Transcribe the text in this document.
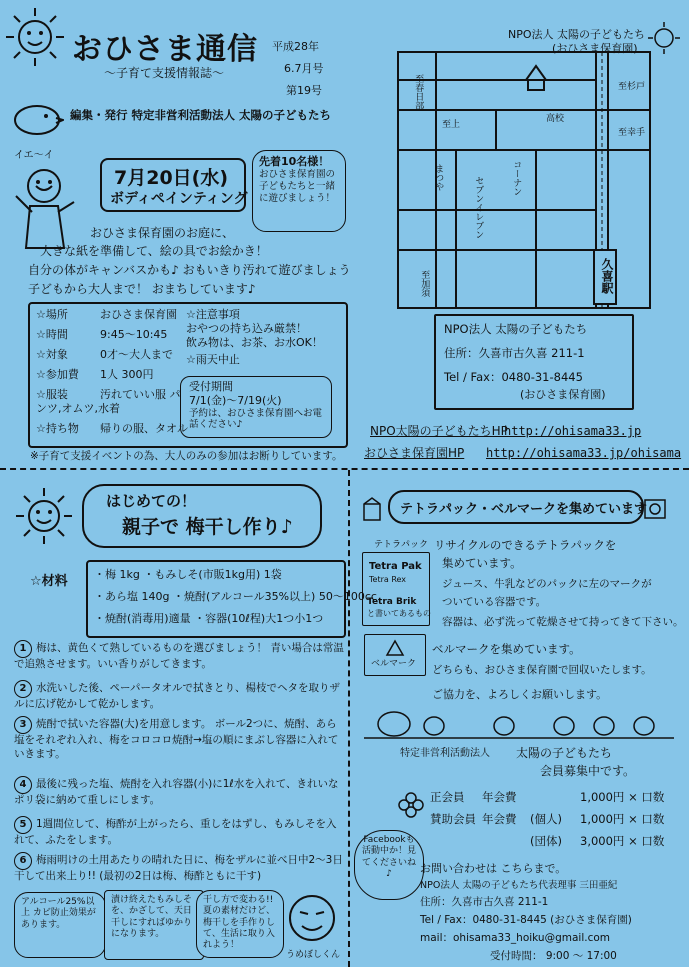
おひさま通信 平成28年
6.7月号
～子育て支援情報誌～
第19号
編集・発行 特定非営利活動法人 太陽の子どもたち
イエ～イ
7月20日(水)
ボディペインティング
先着10名様！
おひさま保育園の子どもたちと一緒に遊びましょう！
おひさま保育園のお庭に、
大きな紙を準備して、絵の具でお絵かき！
自分の体がキャンバスかも♪ おもいきり汚れて遊びましょう
子どもから大人まで！ おまちしています♪
☆場所	おひさま保育園
☆時間	9:45～10:45
☆対象	0才～大人まで
☆参加費 1人 300円
☆服装	汚れていい服 パンツ,オムツ,水着
☆持ち物 帰りの服、タオル
☆注意事項
おやつの持ち込み厳禁！
飲み物は、お茶、お水OK！
☆雨天中止
受付期間
7/1(金)～7/19(火)
予約は、おひさま保育園へお電話ください♪
※子育て支援イベントの為、大人のみの参加はお断りしています。
NPO法人 太陽の子どもたち
(おひさま保育園)
至幸手
至春日部	至杉戸
セブンイレブン
高校
至上
コーナン
至加須
まつや
久喜駅
NPO法人 太陽の子どもたち
住所：久喜市古久喜 211-1
Tel / Fax：0480-31-8445
(おひさま保育園)
NPO太陽の子どもたちHP
http://ohisama33.jp
おひさま保育園HP http://ohisama33.jp/ohisama
はじめての！
親子で 梅干し作り♪
☆材料 ・梅 1kg ・もみしそ(市販1kg用) 1袋
・あら塩 140g ・焼酎(アルコール35%以上) 50～100cc
・焼酎(消毒用)適量 ・容器(10ℓ程)大1つ小1つ
1 梅は、黄色くて熟しているものを選びましょう！ 青い場合は常温で追熟させます。いい香りがしてきます。
2 水洗いした後、ペーパータオルで拭きとり、楊枝でヘタを取りザルに広げ乾かして乾かします。
3 焼酎で拭いた容器(大)を用意します。 ボール2つに、焼酎、あら塩をそれぞれ入れ、梅をコロコロ焼酎→塩の順にまぶし容器に入れていきます。
4 最後に残った塩、焼酎を入れ容器(小)に1ℓ水を入れて、きれいなポリ袋に納めて重しにします。
5 1週間位して、梅酢が上がったら、重しをはずし、もみしそを入れて、ふたをします。
6 梅雨明けの土用あたりの晴れた日に、梅をザルに並べ日中2～3日干して出来上り!! (最初の2日は梅、梅酢ともに干す)
アルコール25%以上 カビ防止効果があります。
漬け終えたもみしそを、かざして、天日干しにすればゆかりになります。
干し方で変わる!! 夏の素材だけど、梅干しを手作りして、生活に取り入れよう！
うめぼしくん
テトラパック・ベルマークを集めています
テトラパック
Tetra Pak
Tetra Rex
Tetra Brik
と書いてあるもの
リサイクルのできるテトラパックを
集めています。
ジュース、牛乳などのパックに左のマークが
ついている容器です。
容器は、必ず洗って乾燥させて持ってきて下さい。
ベルマーク
ベルマークを集めています。
どちらも、おひさま保育園で回収いたします。
ご協力を、よろしくお願いします。
特定非営利活動法人 太陽の子どもたち
会員募集中です。
正会員 年会費	1,000円 × 口数
賛助会員 年会費 (個人) 1,000円 × 口数
(団体) 3,000円 × 口数
Facebookも活動中か！見てくださいね♪	お問い合わせは こちらまで。
NPO法人 太陽の子どもたち代表理事 三田亜紀
住所：久喜市古久喜 211-1
Tel / Fax：0480-31-8445 (おひさま保育園)
mail：ohisama33_hoiku@gmail.com
受付時間： 9:00 ～ 17:00
